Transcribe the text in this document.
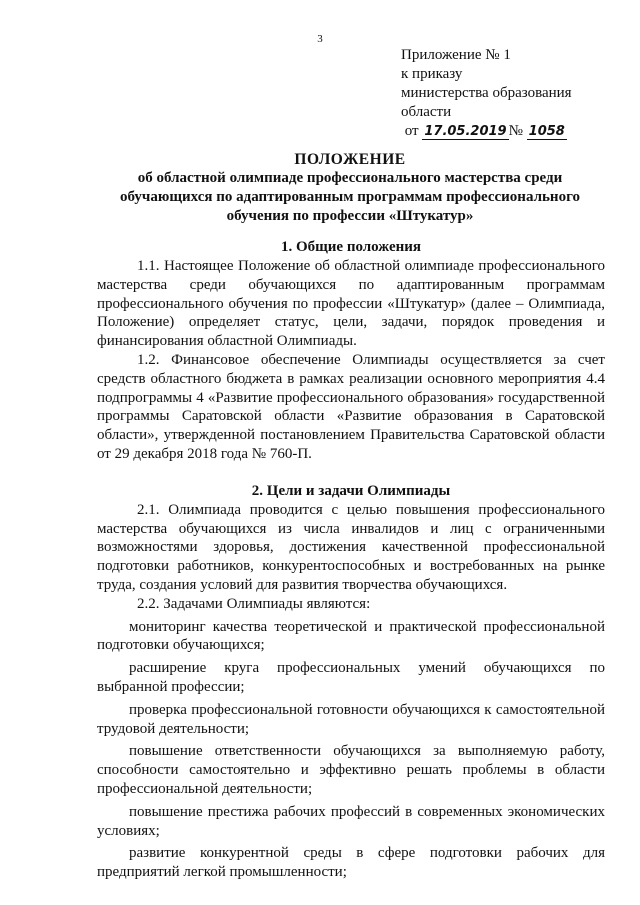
3
Приложение № 1
к приказу
министерства образования
области
от 17.05.2019 № 1058
ПОЛОЖЕНИЕ
об областной олимпиаде профессионального мастерства среди
обучающихся по адаптированным программам профессионального
обучения по профессии «Штукатур»
1. Общие положения

1.1. Настоящее Положение об областной олимпиаде профессионального мастерства среди обучающихся по адаптированным программам профессионального обучения по профессии «Штукатур» (далее – Олимпиада, Положение) определяет статус, цели, задачи, порядок проведения и финансирования областной Олимпиады.

1.2. Финансовое обеспечение Олимпиады осуществляется за счет средств областного бюджета в рамках реализации основного мероприятия 4.4 подпрограммы 4 «Развитие профессионального образования» государственной программы Саратовской области «Развитие образования в Саратовской области», утвержденной постановлением Правительства Саратовской области от 29 декабря 2018 года № 760-П.

2. Цели и задачи Олимпиады

2.1. Олимпиада проводится с целью повышения профессионального мастерства обучающихся из числа инвалидов и лиц с ограниченными возможностями здоровья, достижения качественной профессиональной подготовки работников, конкурентоспособных и востребованных на рынке труда, создания условий для развития творчества обучающихся.

2.2. Задачами Олимпиады являются:

мониторинг качества теоретической и практической профессиональной подготовки обучающихся;

расширение круга профессиональных умений обучающихся по выбранной профессии;

проверка профессиональной готовности обучающихся к самостоятельной трудовой деятельности;

повышение ответственности обучающихся за выполняемую работу, способности самостоятельно и эффективно решать проблемы в области профессиональной деятельности;

повышение престижа рабочих профессий в современных экономических условиях;

развитие конкурентной среды в сфере подготовки рабочих для предприятий легкой промышленности;
